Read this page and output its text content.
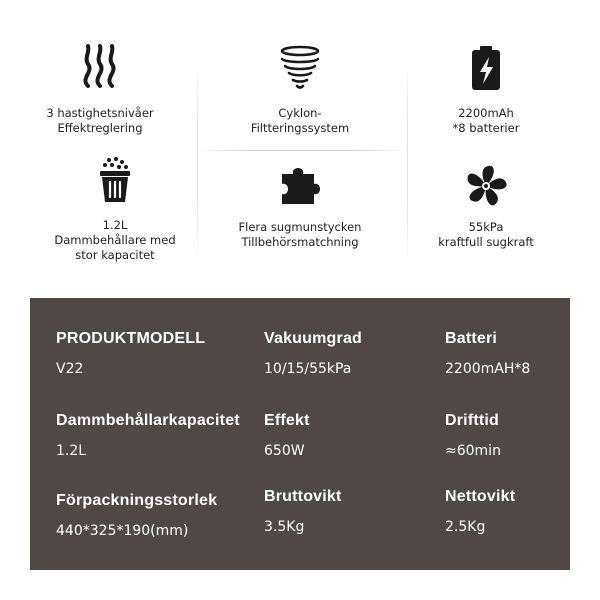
3 hastighetsnivåer
Effektreglering
Cyklon-
Filtteringssystem
2200mAh
*8 batterier
1.2L
Dammbehållare med
stor kapacitet
Flera sugmunstycken
Tillbehörsmatchning
55kPa
kraftfull sugkraft
PRODUKTMODELL
V22
Vakuumgrad
10/15/55kPa
Batteri
2200mAH*8
Dammbehållarkapacitet
1.2L
Effekt
650W
Drifttid
≈60min
Förpackningsstorlek
440*325*190(mm)
Bruttovikt
3.5Kg
Nettovikt
2.5Kg
